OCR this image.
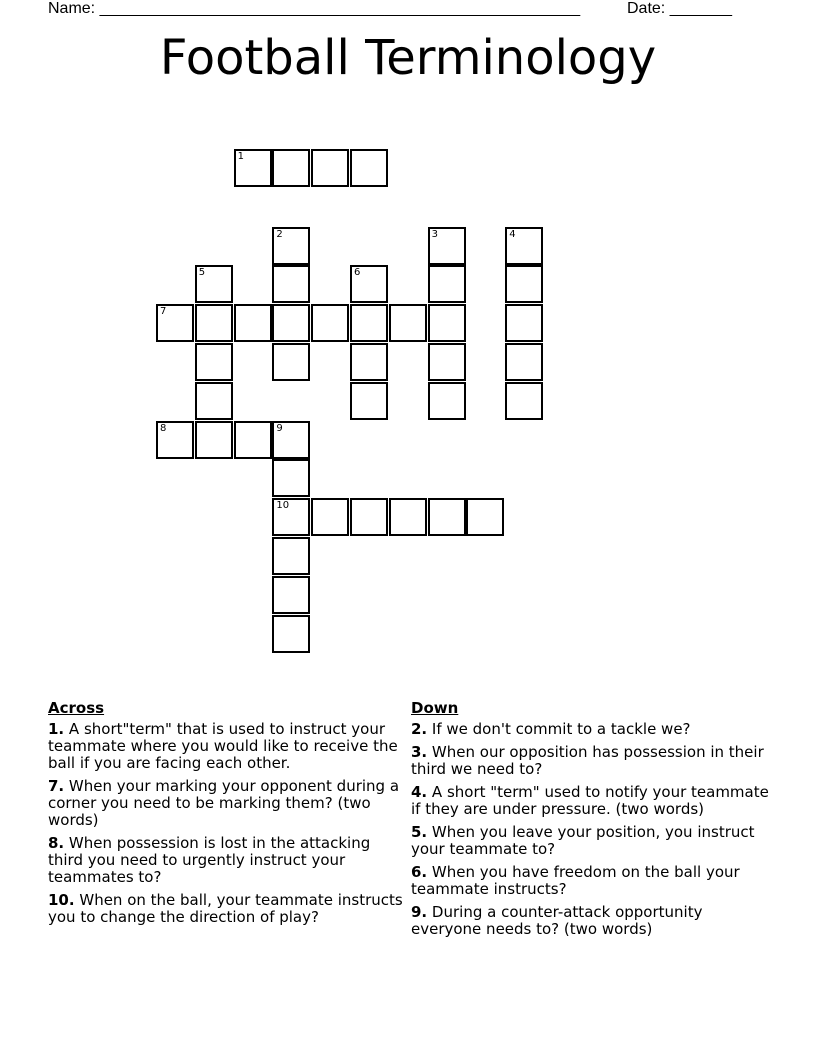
Name: ______________________________________________________	Date: _______
Football Terminology
1
2	3	4
5	6
7
8	9
10
Across
1. A short"term" that is used to instruct your teammate where you would like to receive the ball if you are facing each other.
7. When your marking your opponent during a corner you need to be marking them? (two words)
8. When possession is lost in the attacking third you need to urgently instruct your teammates to?
10. When on the ball, your teammate instructs you to change the direction of play?
Down
2. If we don't commit to a tackle we?
3. When our opposition has possession in their third we need to?
4. A short "term" used to notify your teammate if they are under pressure. (two words)
5. When you leave your position, you instruct your teammate to?
6. When you have freedom on the ball your teammate instructs?
9. During a counter-attack opportunity everyone needs to? (two words)
